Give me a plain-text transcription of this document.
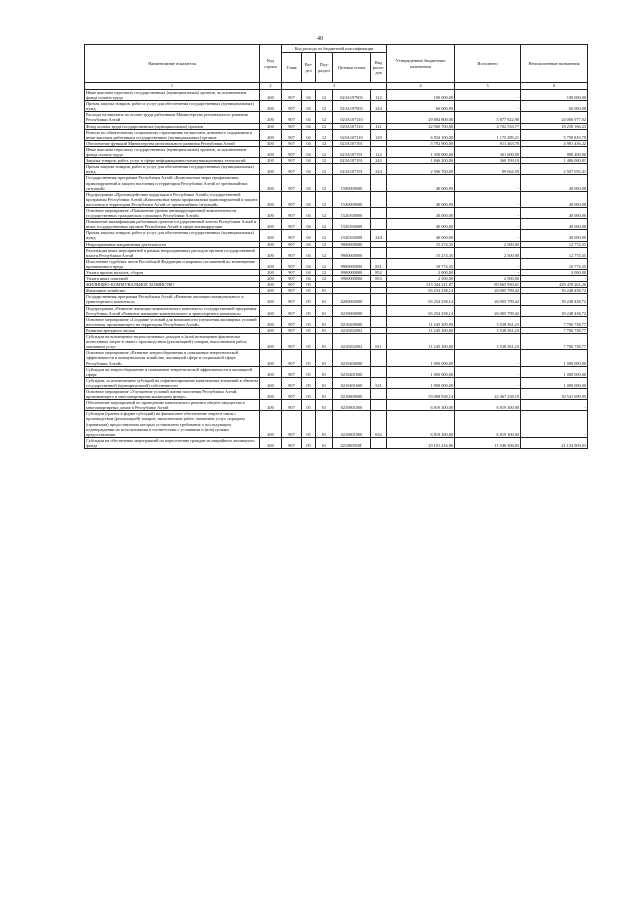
40
Наименование показателя	Код строки	Код расхода по бюджетной классификации					Утвержденные бюджетные назначения	Исполнено	Неисполненные назначения
		Глава	Раз-дел	Под-раздел	Целевая статья	Вид расхо-дов			
1	2	3					4	5	6
Иные выплаты персоналу государственных (муниципальных) органов, за исключением фонда оплаты труда	200	907	04	12	023A197903	122	100 000,00	-	100 000,00
Прочая закупка товаров, работ и услуг для обеспечения государственных (муниципальных) нужд	200	907	04	12	023A197903	244	60 000,00	-	60 000,00
Расходы на выплаты по оплате труда работников Министерства регионального развития Республики Алтай	200	907	04	12	023A107110		29 884 800,00	5 877 822,98	24 006 977,02
Фонд оплаты труда государственных (муниципальных) органов	200	907	04	12	023A107110	121	22 960 700,00	4 702 533,77	18 258 166,23
Взносы по обязательному социальному страхованию на выплаты денежного содержания и иные выплаты работникам государственных (муниципальных) органов	200	907	04	12	023A107110	129	6 934 100,00	1 175 289,21	5 758 810,79
Обеспечение функций Министерства регионального развития Республики Алтай	200	907	04	12	023A107191		5 792 900,00	811 463,78	4 981 436,22
Иные выплаты персоналу государственных (муниципальных) органов, за исключением фонда оплаты труда	200	907	04	12	023A107191	122	1 350 000,00	361 600,00	988 400,00
Закупка товаров, работ, услуг в сфере информационно-коммуникационных технологий	200	907	04	12	023A107191	242	1 846 200,00	360 199,19	1 486 000,81
Прочая закупка товаров, работ и услуг для обеспечения государственных (муниципальных) нужд	200	907	04	12	023A107191	244	2 596 700,00	89 664,59	2 507 035,41
Государственная программа Республики Алтай «Комплексные меры профилактики правонарушений и защита населения и территории Республики Алтай от чрезвычайных ситуаций»	200	907	04	12	1500000000		40 000,00	-	40 000,00
Подпрограмма «Противодействие коррупции в Республике Алтай» государственной программы Республики Алтай «Комплексные меры профилактики правонарушений и защита населения и территории Республики Алтай от чрезвычайных ситуаций»	200	907	04	12	1520000000		40 000,00	-	40 000,00
Основное мероприятие «Повышение уровня антикоррупционной компетентности государственных гражданских служащих Республики Алтай»	200	907	04	12	1520100000		40 000,00	-	40 000,00
Повышение квалификации работников органов государственной власти Республики Алтай и иных государственных органов Республики Алтай в сфере антикоррупции	200	907	04	12	1520100008		40 000,00	-	40 000,00
Прочая закупка товаров, работ и услуг для обеспечения государственных (муниципальных) нужд	200	907	04	12	1520100008	244	40 000,00	-	40 000,00
Непрограммные направления деятельности	200	907	04	12	9900000000		15 274,35	2 500,00	12 774,35
Реализация иных мероприятий в рамках непрограммных расходов органов государственной власти Республики Алтай	200	907	04	12	9900000000		15 274,35	2 500,00	12 774,35
Исполнение судебных актов Российской Федерации и мировых соглашений по возмещению причиненного вреда	200	907	04	12	9900000000	831	10 774,35	-	10 774,35
Уплата прочих налогов, сборов	200	907	04	12	9900000000	852	2 000,00	-	2 000,00
Уплата иных платежей	200	907	04	12	9900000000	853	2 500,00	2 500,00	-
ЖИЛИЩНО-КОММУНАЛЬНОЕ ХОЗЯЙСТВО	200	907	05				515 344 211,87	85 865 950,61	429 478 261,26
Жилищное хозяйство	200	907	05	01			65 254 238,14	26 005 799,42	39 248 438,72
Государственная программа Республики Алтай «Развитие жилищно-коммунального и транспортного комплекса»	200	907	05	01	0200000000		65 254 238,14	26 005 799,42	39 248 438,72
Подпрограмма «Развитие жилищно-коммунального комплекса» государственной программы Республики Алтай «Развитие жилищно-коммунального и транспортного комплекса»	200	907	05	01	0210000000		65 254 238,14	26 005 799,42	39 248 438,72
Основное мероприятие «Создание условий для возможности улучшения жилищных условий населения, проживающего на территории Республики Алтай»	200	907	05	01	0210200000		11 245 300,00	3 538 561,23	7 706 738,77
Развитие арендного жилья	200	907	05	01	0210202002		11 245 300,00	3 538 561,23	7 706 738,77
Субсидии на возмещение недополученных доходов и (или) возмещение фактически понесенных затрат в связи с производством (реализацией) товаров, выполнением работ, оказанием услуг	200	907	05	01	0210202002	811	11 245 300,00	3 538 561,23	7 706 738,77
Основное мероприятие «Развитие энергосбережения и повышение энергетической эффективности в коммунальном хозяйстве, жилищной сфере и социальной сфере Республики Алтай»	200	907	05	01	0210400000		1 000 000,00	-	1 000 000,00
Субсидии на энергосбережение и повышение энергетической эффективности в жилищной сфере	200	907	05	01	0210401600		1 000 000,00	-	1 000 000,00
Субсидии, за исключением субсидий на софинансирование капитальных вложений в объекты государственной (муниципальной) собственности	200	907	05	01	0210401600	521	1 000 000,00	-	1 000 000,00
Основное мероприятие «Улучшение условий жизни населения Республики Алтай, проживающего в многоквартирном жилищном фонде»	200	907	05	01	0210800000		53 008 938,14	22 467 238,19	30 541 699,95
Обеспечение мероприятий по проведению капитального ремонта общего имущества в многоквартирных домах в Республике Алтай	200	907	05	01	0210801000		6 819 300,00	6 819 300,00	-
Субсидии (гранты в форме субсидий) на финансовое обеспечение затрат в связи с производством (реализацией) товаров, выполнением работ, оказанием услуг, порядком (правилами) предоставления которых установлено требование о последующем подтверждении их использования в соответствии с условиями и (или) целями предоставления	200	907	05	01	0210801000	632	6 819 300,00	6 819 300,00	-
Субсидии на обеспечение мероприятий по переселению граждан из аварийного жилищного фонда	200	907	05	01	021080950Г		23 101 416,86	11 946 506,83	21 154 909,03
